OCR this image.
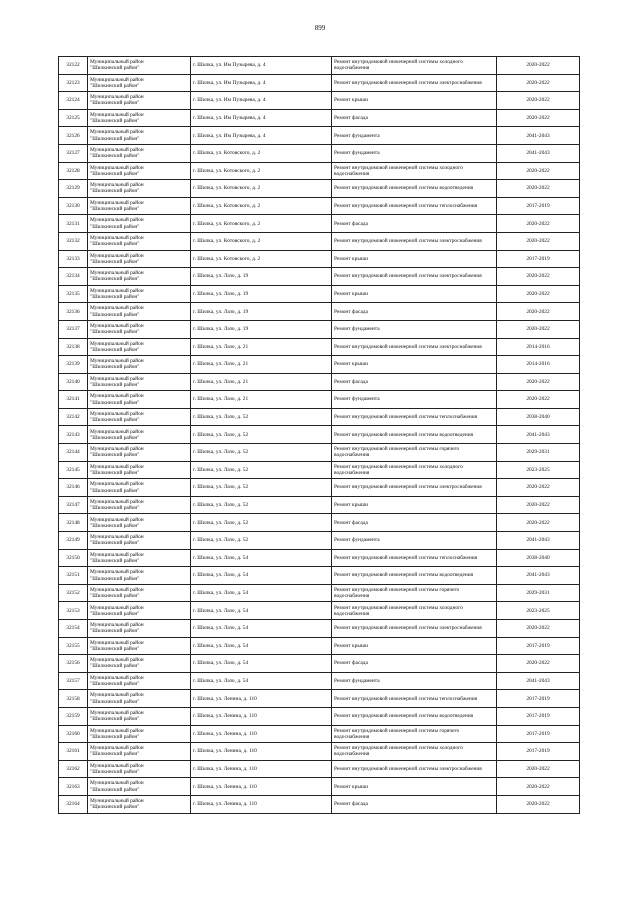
899
32122	Муниципальный район
"Шилкинский район"	г. Шилка, ул. Им Пузырева, д. 4	Ремонт внутридомовой инженерной системы холодного водоснабжения	2020-2022
32123	Муниципальный район
"Шилкинский район"	г. Шилка, ул. Им Пузырева, д. 4	Ремонт внутридомовой инженерной системы электроснабжения	2020-2022
32124	Муниципальный район
"Шилкинский район"	г. Шилка, ул. Им Пузырева, д. 4	Ремонт крыши	2020-2022
32125	Муниципальный район
"Шилкинский район"	г. Шилка, ул. Им Пузырева, д. 4	Ремонт фасада	2020-2022
32126	Муниципальный район
"Шилкинский район"	г. Шилка, ул. Им Пузырева, д. 4	Ремонт фундамента	2041-2043
32127	Муниципальный район
"Шилкинский район"	г. Шилка, ул. Котовского, д. 2	Ремонт фундамента	2041-2043
32128	Муниципальный район
"Шилкинский район"	г. Шилка, ул. Котовского, д. 2	Ремонт внутридомовой инженерной системы холодного водоснабжения	2020-2022
32129	Муниципальный район
"Шилкинский район"	г. Шилка, ул. Котовского, д. 2	Ремонт внутридомовой инженерной системы водоотведения	2020-2022
32130	Муниципальный район
"Шилкинский район"	г. Шилка, ул. Котовского, д. 2	Ремонт внутридомовой инженерной системы теплоснабжения	2017-2019
32131	Муниципальный район
"Шилкинский район"	г. Шилка, ул. Котовского, д. 2	Ремонт фасада	2020-2022
32132	Муниципальный район
"Шилкинский район"	г. Шилка, ул. Котовского, д. 2	Ремонт внутридомовой инженерной системы электроснабжения	2020-2022
32133	Муниципальный район
"Шилкинский район"	г. Шилка, ул. Котовского, д. 2	Ремонт крыши	2017-2019
32134	Муниципальный район
"Шилкинский район"	г. Шилка, ул. Лазо, д. 19	Ремонт внутридомовой инженерной системы электроснабжения	2020-2022
32135	Муниципальный район
"Шилкинский район"	г. Шилка, ул. Лазо, д. 19	Ремонт крыши	2020-2022
32136	Муниципальный район
"Шилкинский район"	г. Шилка, ул. Лазо, д. 19	Ремонт фасада	2020-2022
32137	Муниципальный район
"Шилкинский район"	г. Шилка, ул. Лазо, д. 19	Ремонт фундамента	2020-2022
32138	Муниципальный район
"Шилкинский район"	г. Шилка, ул. Лазо, д. 21	Ремонт внутридомовой инженерной системы электроснабжения	2014-2016
32139	Муниципальный район
"Шилкинский район"	г. Шилка, ул. Лазо, д. 21	Ремонт крыши	2014-2016
32140	Муниципальный район
"Шилкинский район"	г. Шилка, ул. Лазо, д. 21	Ремонт фасада	2020-2022
32141	Муниципальный район
"Шилкинский район"	г. Шилка, ул. Лазо, д. 21	Ремонт фундамента	2020-2022
32142	Муниципальный район
"Шилкинский район"	г. Шилка, ул. Лазо, д. 52	Ремонт внутридомовой инженерной системы теплоснабжения	2038-2040
32143	Муниципальный район
"Шилкинский район"	г. Шилка, ул. Лазо, д. 52	Ремонт внутридомовой инженерной системы водоотведения	2041-2043
32144	Муниципальный район
"Шилкинский район"	г. Шилка, ул. Лазо, д. 52	Ремонт внутридомовой инженерной системы горячего водоснабжения	2029-2031
32145	Муниципальный район
"Шилкинский район"	г. Шилка, ул. Лазо, д. 52	Ремонт внутридомовой инженерной системы холодного водоснабжения	2023-2025
32146	Муниципальный район
"Шилкинский район"	г. Шилка, ул. Лазо, д. 52	Ремонт внутридомовой инженерной системы электроснабжения	2020-2022
32147	Муниципальный район
"Шилкинский район"	г. Шилка, ул. Лазо, д. 52	Ремонт крыши	2020-2022
32148	Муниципальный район
"Шилкинский район"	г. Шилка, ул. Лазо, д. 52	Ремонт фасада	2020-2022
32149	Муниципальный район
"Шилкинский район"	г. Шилка, ул. Лазо, д. 52	Ремонт фундамента	2041-2043
32150	Муниципальный район
"Шилкинский район"	г. Шилка, ул. Лазо, д. 54	Ремонт внутридомовой инженерной системы теплоснабжения	2038-2040
32151	Муниципальный район
"Шилкинский район"	г. Шилка, ул. Лазо, д. 54	Ремонт внутридомовой инженерной системы водоотведения	2041-2043
32152	Муниципальный район
"Шилкинский район"	г. Шилка, ул. Лазо, д. 54	Ремонт внутридомовой инженерной системы горячего водоснабжения	2029-2031
32153	Муниципальный район
"Шилкинский район"	г. Шилка, ул. Лазо, д. 54	Ремонт внутридомовой инженерной системы холодного водоснабжения	2023-2025
32154	Муниципальный район
"Шилкинский район"	г. Шилка, ул. Лазо, д. 54	Ремонт внутридомовой инженерной системы электроснабжения	2020-2022
32155	Муниципальный район
"Шилкинский район"	г. Шилка, ул. Лазо, д. 54	Ремонт крыши	2017-2019
32156	Муниципальный район
"Шилкинский район"	г. Шилка, ул. Лазо, д. 54	Ремонт фасада	2020-2022
32157	Муниципальный район
"Шилкинский район"	г. Шилка, ул. Лазо, д. 54	Ремонт фундамента	2041-2043
32158	Муниципальный район
"Шилкинский район"	г. Шилка, ул. Ленина, д. 110	Ремонт внутридомовой инженерной системы теплоснабжения	2017-2019
32159	Муниципальный район
"Шилкинский район"	г. Шилка, ул. Ленина, д. 110	Ремонт внутридомовой инженерной системы водоотведения	2017-2019
32160	Муниципальный район
"Шилкинский район"	г. Шилка, ул. Ленина, д. 110	Ремонт внутридомовой инженерной системы горячего водоснабжения	2017-2019
32161	Муниципальный район
"Шилкинский район"	г. Шилка, ул. Ленина, д. 110	Ремонт внутридомовой инженерной системы холодного водоснабжения	2017-2019
32162	Муниципальный район
"Шилкинский район"	г. Шилка, ул. Ленина, д. 110	Ремонт внутридомовой инженерной системы электроснабжения	2020-2022
32163	Муниципальный район
"Шилкинский район"	г. Шилка, ул. Ленина, д. 110	Ремонт крыши	2020-2022
32164	Муниципальный район
"Щилкинский район"	г. Шилка, ул. Ленина, д. 110	Ремонт фасада	2020-2022
